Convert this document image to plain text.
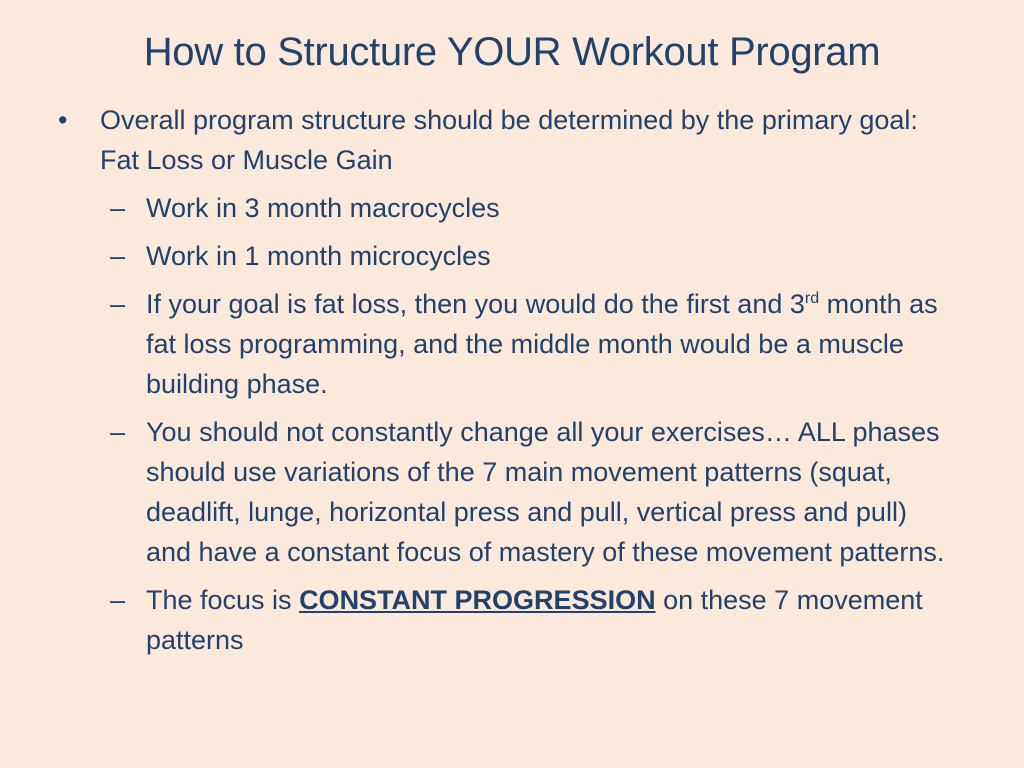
How to Structure YOUR Workout Program
•	Overall program structure should be determined by the primary goal: Fat Loss or Muscle Gain
– Work in 3 month macrocycles
– Work in 1 month microcycles
– If your goal is fat loss, then you would do the first and 3rd month as fat loss programming, and the middle month would be a muscle building phase.
– You should not constantly change all your exercises… ALL phases should use variations of the 7 main movement patterns (squat, deadlift, lunge, horizontal press and pull, vertical press and pull) and have a constant focus of mastery of these movement patterns.
– The focus is CONSTANT PROGRESSION on these 7 movement patterns
